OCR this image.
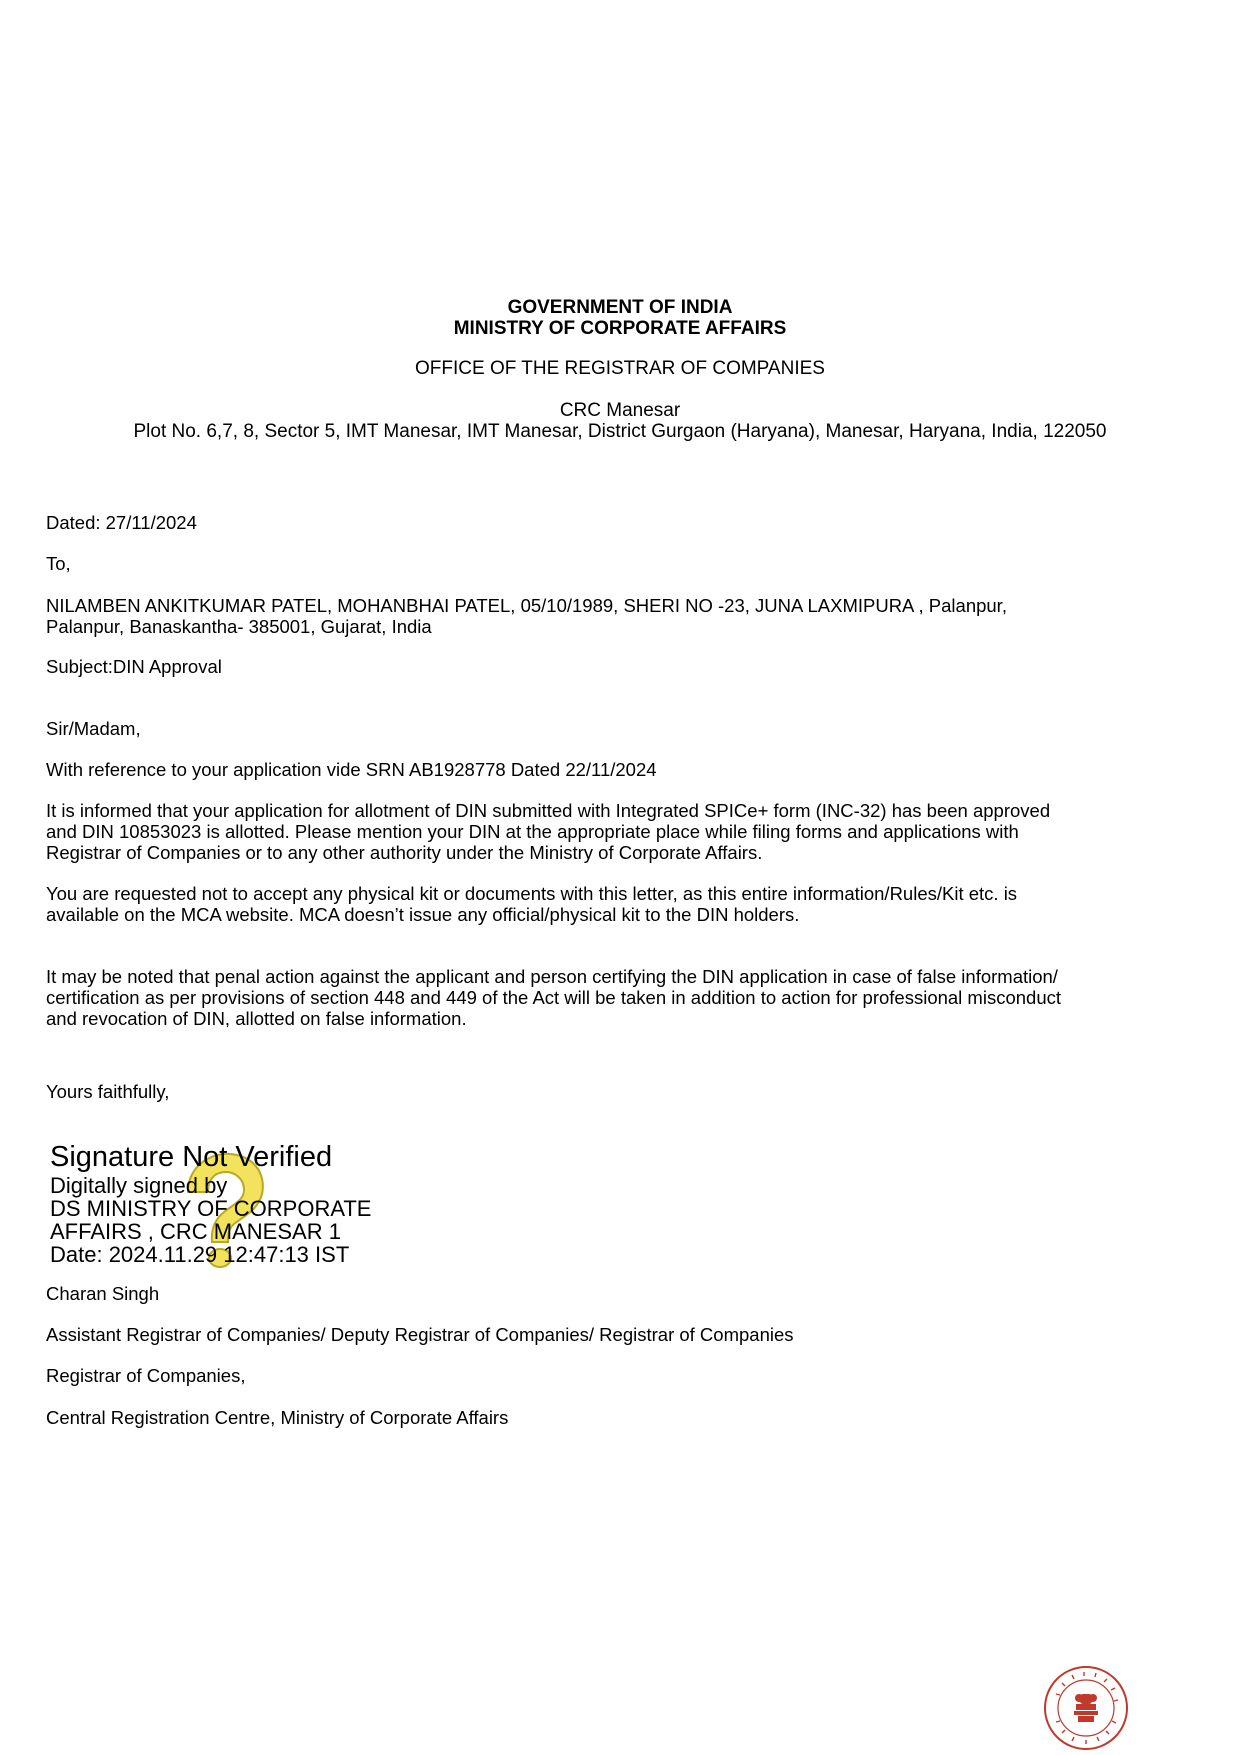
GOVERNMENT OF INDIA
MINISTRY OF CORPORATE AFFAIRS
OFFICE OF THE REGISTRAR OF COMPANIES
CRC Manesar
Plot No. 6,7, 8, Sector 5, IMT Manesar, IMT Manesar, District Gurgaon (Haryana), Manesar, Haryana, India, 122050
Dated: 27/11/2024
To,
NILAMBEN ANKITKUMAR PATEL, MOHANBHAI PATEL, 05/10/1989, SHERI NO -23, JUNA LAXMIPURA , Palanpur,
Palanpur, Banaskantha- 385001, Gujarat, India
Subject:DIN Approval
Sir/Madam,
With reference to your application vide SRN AB1928778 Dated 22/11/2024
It is informed that your application for allotment of DIN submitted with Integrated SPICe+ form (INC-32) has been approved
and DIN 10853023 is allotted. Please mention your DIN at the appropriate place while filing forms and applications with
Registrar of Companies or to any other authority under the Ministry of Corporate Affairs.
You are requested not to accept any physical kit or documents with this letter, as this entire information/Rules/Kit etc. is
available on the MCA website. MCA doesn’t issue any official/physical kit to the DIN holders.
It may be noted that penal action against the applicant and person certifying the DIN application in case of false information/
certification as per provisions of section 448 and 449 of the Act will be taken in addition to action for professional misconduct
and revocation of DIN, allotted on false information.
Yours faithfully,
Signature Not Verified
Digitally signed by
DS MINISTRY OF CORPORATE
AFFAIRS , CRC MANESAR 1
Date: 2024.11.29 12:47:13 IST
Charan Singh
Assistant Registrar of Companies/ Deputy Registrar of Companies/ Registrar of Companies
Registrar of Companies,
Central Registration Centre, Ministry of Corporate Affairs
